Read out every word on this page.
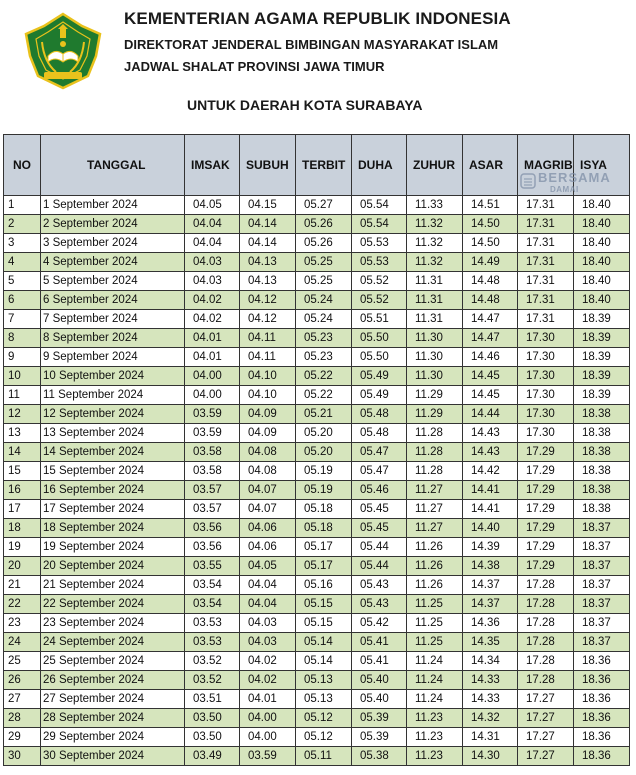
KEMENTERIAN AGAMA REPUBLIK INDONESIA
DIREKTORAT JENDERAL BIMBINGAN MASYARAKAT ISLAM
JADWAL SHALAT PROVINSI JAWA TIMUR
UNTUK DAERAH KOTA SURABAYA
NO	TANGGAL	IMSAK	SUBUH	TERBIT	DUHA	ZUHUR	ASAR	MAGRIB	ISYA
1	1 September 2024	04.05	04.15	05.27	05.54	11.33	14.51	17.31	18.40
2	2 September 2024	04.04	04.14	05.26	05.54	11.32	14.50	17.31	18.40
3	3 September 2024	04.04	04.14	05.26	05.53	11.32	14.50	17.31	18.40
4	4 September 2024	04.03	04.13	05.25	05.53	11.32	14.49	17.31	18.40
5	5 September 2024	04.03	04.13	05.25	05.52	11.31	14.48	17.31	18.40
6	6 September 2024	04.02	04.12	05.24	05.52	11.31	14.48	17.31	18.40
7	7 September 2024	04.02	04.12	05.24	05.51	11.31	14.47	17.31	18.39
8	8 September 2024	04.01	04.11	05.23	05.50	11.30	14.47	17.30	18.39
9	9 September 2024	04.01	04.11	05.23	05.50	11.30	14.46	17.30	18.39
10	10 September 2024	04.00	04.10	05.22	05.49	11.30	14.45	17.30	18.39
11	11 September 2024	04.00	04.10	05.22	05.49	11.29	14.45	17.30	18.39
12	12 September 2024	03.59	04.09	05.21	05.48	11.29	14.44	17.30	18.38
13	13 September 2024	03.59	04.09	05.20	05.48	11.28	14.43	17.30	18.38
14	14 September 2024	03.58	04.08	05.20	05.47	11.28	14.43	17.29	18.38
15	15 September 2024	03.58	04.08	05.19	05.47	11.28	14.42	17.29	18.38
16	16 September 2024	03.57	04.07	05.19	05.46	11.27	14.41	17.29	18.38
17	17 September 2024	03.57	04.07	05.18	05.45	11.27	14.41	17.29	18.38
18	18 September 2024	03.56	04.06	05.18	05.45	11.27	14.40	17.29	18.37
19	19 September 2024	03.56	04.06	05.17	05.44	11.26	14.39	17.29	18.37
20	20 September 2024	03.55	04.05	05.17	05.44	11.26	14.38	17.29	18.37
21	21 September 2024	03.54	04.04	05.16	05.43	11.26	14.37	17.28	18.37
22	22 September 2024	03.54	04.04	05.15	05.43	11.25	14.37	17.28	18.37
23	23 September 2024	03.53	04.03	05.15	05.42	11.25	14.36	17.28	18.37
24	24 September 2024	03.53	04.03	05.14	05.41	11.25	14.35	17.28	18.37
25	25 September 2024	03.52	04.02	05.14	05.41	11.24	14.34	17.28	18.36
26	26 September 2024	03.52	04.02	05.13	05.40	11.24	14.33	17.28	18.36
27	27 September 2024	03.51	04.01	05.13	05.40	11.24	14.33	17.27	18.36
28	28 September 2024	03.50	04.00	05.12	05.39	11.23	14.32	17.27	18.36
29	29 September 2024	03.50	04.00	05.12	05.39	11.23	14.31	17.27	18.36
30	30 September 2024	03.49	03.59	05.11	05.38	11.23	14.30	17.27	18.36
BERSAMA
DAMAI
